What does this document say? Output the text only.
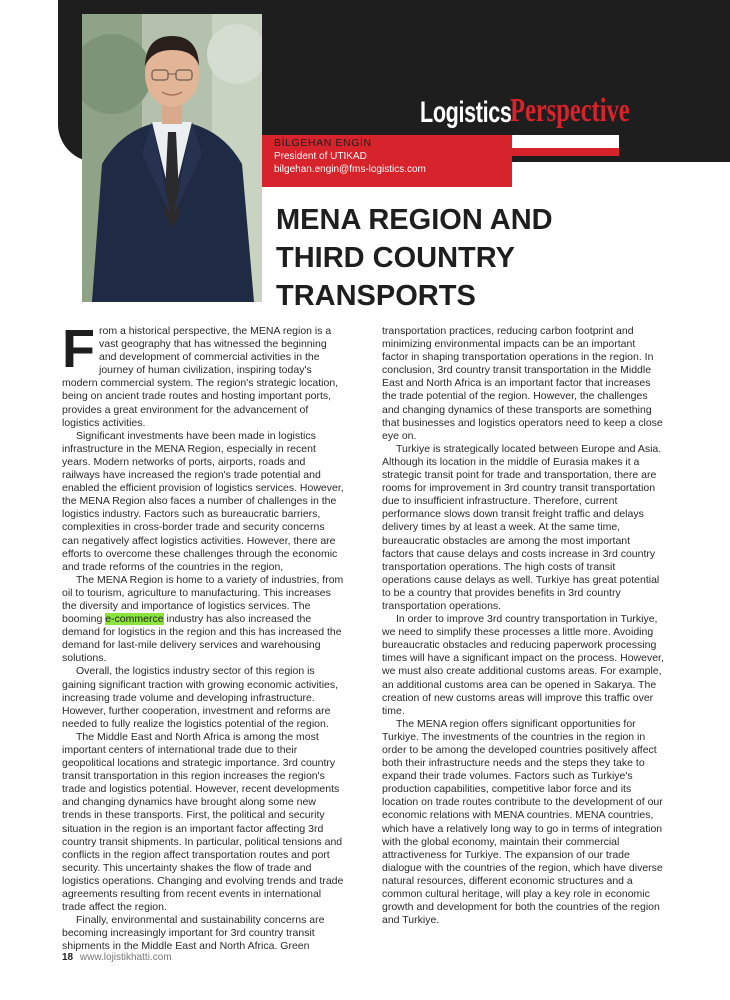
Logistics
Perspective
BİLGEHAN ENGİN
President of UTIKAD
bilgehan.engin@fms-logistics.com
MENA REGION AND THIRD COUNTRY TRANSPORTS

From a historical perspective, the MENA region is a vast geography that has witnessed the beginning and development of commercial activities in the journey of human civilization, inspiring today's modern commercial system. The region's strategic location, being on ancient trade routes and hosting important ports, provides a great environment for the advancement of logistics activities.

Significant investments have been made in logistics infrastructure in the MENA Region, especially in recent years. Modern networks of ports, airports, roads and railways have increased the region's trade potential and enabled the efficient provision of logistics services. However, the MENA Region also faces a number of challenges in the logistics industry. Factors such as bureaucratic barriers, complexities in cross-border trade and security concerns can negatively affect logistics activities. However, there are efforts to overcome these challenges through the economic and trade reforms of the countries in the region,

The MENA Region is home to a variety of industries, from oil to tourism, agriculture to manufacturing. This increases the diversity and importance of logistics services. The booming e-commerce industry has also increased the demand for logistics in the region and this has increased the demand for last-mile delivery services and warehousing solutions.

Overall, the logistics industry sector of this region is gaining significant traction with growing economic activities, increasing trade volume and developing infrastructure. However, further cooperation, investment and reforms are needed to fully realize the logistics potential of the region.

The Middle East and North Africa is among the most important centers of international trade due to their geopolitical locations and strategic importance. 3rd country transit transportation in this region increases the region's trade and logistics potential. However, recent developments and changing dynamics have brought along some new trends in these transports. First, the political and security situation in the region is an important factor affecting 3rd country transit shipments. In particular, political tensions and conflicts in the region affect transportation routes and port security. This uncertainty shakes the flow of trade and logistics operations. Changing and evolving trends and trade agreements resulting from recent events in international trade affect the region.

Finally, environmental and sustainability concerns are becoming increasingly important for 3rd country transit shipments in the Middle East and North Africa. Green

transportation practices, reducing carbon footprint and minimizing environmental impacts can be an important factor in shaping transportation operations in the region. In conclusion, 3rd country transit transportation in the Middle East and North Africa is an important factor that increases the trade potential of the region. However, the challenges and changing dynamics of these transports are something that businesses and logistics operators need to keep a close eye on.

Turkiye is strategically located between Europe and Asia. Although its location in the middle of Eurasia makes it a strategic transit point for trade and transportation, there are rooms for improvement in 3rd country transit transportation due to insufficient infrastructure. Therefore, current performance slows down transit freight traffic and delays delivery times by at least a week. At the same time, bureaucratic obstacles are among the most important factors that cause delays and costs increase in 3rd country transportation operations. The high costs of transit operations cause delays as well. Turkiye has great potential to be a country that provides benefits in 3rd country transportation operations.

In order to improve 3rd country transportation in Turkiye, we need to simplify these processes a little more. Avoiding bureaucratic obstacles and reducing paperwork processing times will have a significant impact on the process. However, we must also create additional customs areas. For example, an additional customs area can be opened in Sakarya. The creation of new customs areas will improve this traffic over time.

The MENA region offers significant opportunities for Turkiye. The investments of the countries in the region in order to be among the developed countries positively affect both their infrastructure needs and the steps they take to expand their trade volumes. Factors such as Turkiye's production capabilities, competitive labor force and its location on trade routes contribute to the development of our economic relations with MENA countries. MENA countries, which have a relatively long way to go in terms of integration with the global economy, maintain their commercial attractiveness for Turkiye. The expansion of our trade dialogue with the countries of the region, which have diverse natural resources, different economic structures and a common cultural heritage, will play a key role in economic growth and development for both the countries of the region and Turkiye.

18 www.lojistikhatti.com
